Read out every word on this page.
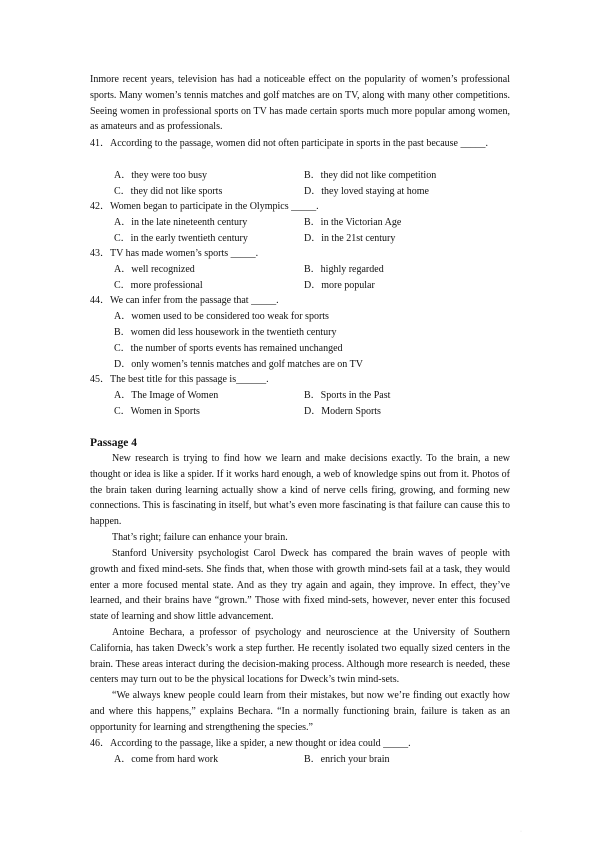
Inmore recent years, television has had a noticeable effect on the popularity of women’s professional sports. Many women’s tennis matches and golf matches are on TV, along with many other competitions. Seeing women in professional sports on TV has made certain sports much more popular among women, as amateurs and as professionals.

41．According to the passage, women did not often participate in sports in the past because _____.

A．they were too busy	B．they did not like competition
C．they did not like sports	D．they loved staying at home

42．Women began to participate in the Olympics _____.

A．in the late nineteenth century	B．in the Victorian Age
C．in the early twentieth century	D．in the 21st century

43．TV has made women’s sports _____.

A．well recognized	B．highly regarded
C．more professional	D．more popular

44．We can infer from the passage that _____.

A．women used to be considered too weak for sports
B．women did less housework in the twentieth century
C．the number of sports events has remained unchanged
D．only women’s tennis matches and golf matches are on TV

45．The best title for this passage is______.

A．The Image of Women	B．Sports in the Past
C．Women in Sports	D．Modern Sports
Passage 4

New research is trying to find how we learn and make decisions exactly. To the brain, a new thought or idea is like a spider. If it works hard enough, a web of knowledge spins out from it. Photos of the brain taken during learning actually show a kind of nerve cells firing, growing, and forming new connections. This is fascinating in itself, but what’s even more fascinating is that failure can cause this to happen.

That’s right; failure can enhance your brain.

Stanford University psychologist Carol Dweck has compared the brain waves of people with growth and fixed mind-sets. She finds that, when those with growth mind-sets fail at a task, they would enter a more focused mental state. And as they try again and again, they improve. In effect, they’ve learned, and their brains have “grown.” Those with fixed mind-sets, however, never enter this focused state of learning and show little advancement.

Antoine Bechara, a professor of psychology and neuroscience at the University of Southern California, has taken Dweck’s work a step further. He recently isolated two equally sized centers in the brain. These areas interact during the decision-making process. Although more research is needed, these centers may turn out to be the physical locations for Dweck’s twin mind-sets.

“We always knew people could learn from their mistakes, but now we’re finding out exactly how and where this happens,” explains Bechara. “In a normally functioning brain, failure is taken as an opportunity for learning and strengthening the species.”

46．According to the passage, like a spider, a new thought or idea could _____.

A．come from hard work	B．enrich your brain
·
